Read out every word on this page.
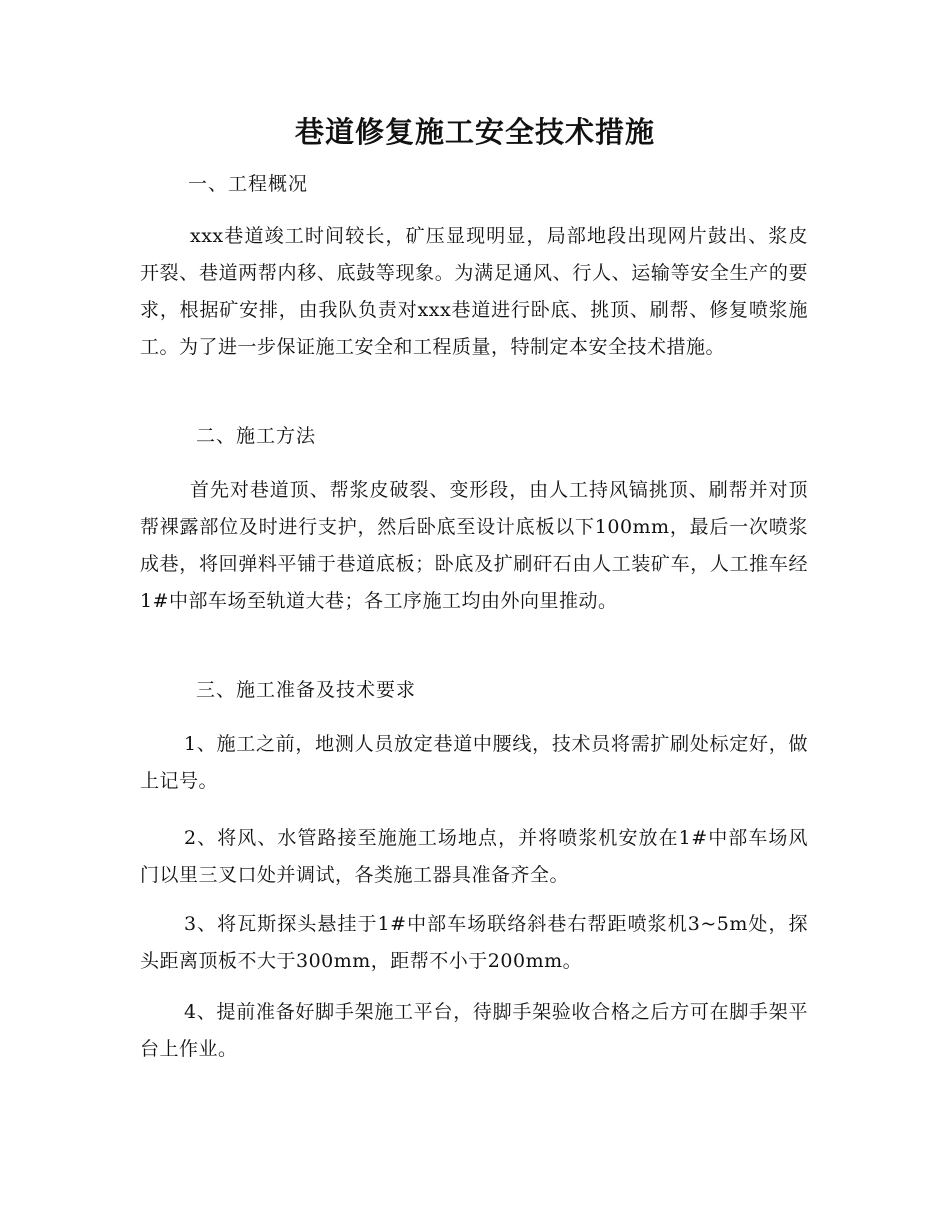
巷道修复施工安全技术措施
一、工程概况

xxx巷道竣工时间较长，矿压显现明显，局部地段出现网片鼓出、浆皮开裂、巷道两帮内移、底鼓等现象。为满足通风、行人、运输等安全生产的要求，根据矿安排，由我队负责对xxx巷道进行卧底、挑顶、刷帮、修复喷浆施工。为了进一步保证施工安全和工程质量，特制定本安全技术措施。

二、施工方法

首先对巷道顶、帮浆皮破裂、变形段，由人工持风镐挑顶、刷帮并对顶帮裸露部位及时进行支护，然后卧底至设计底板以下100mm，最后一次喷浆成巷，将回弹料平铺于巷道底板；卧底及扩刷矸石由人工装矿车，人工推车经1#中部车场至轨道大巷；各工序施工均由外向里推动。

三、施工准备及技术要求

1、施工之前，地测人员放定巷道中腰线，技术员将需扩刷处标定好，做上记号。

2、将风、水管路接至施施工场地点，并将喷浆机安放在1#中部车场风门以里三叉口处并调试，各类施工器具准备齐全。

3、将瓦斯探头悬挂于1#中部车场联络斜巷右帮距喷浆机3~5m处，探头距离顶板不大于300mm，距帮不小于200mm。

4、提前准备好脚手架施工平台，待脚手架验收合格之后方可在脚手架平台上作业。
